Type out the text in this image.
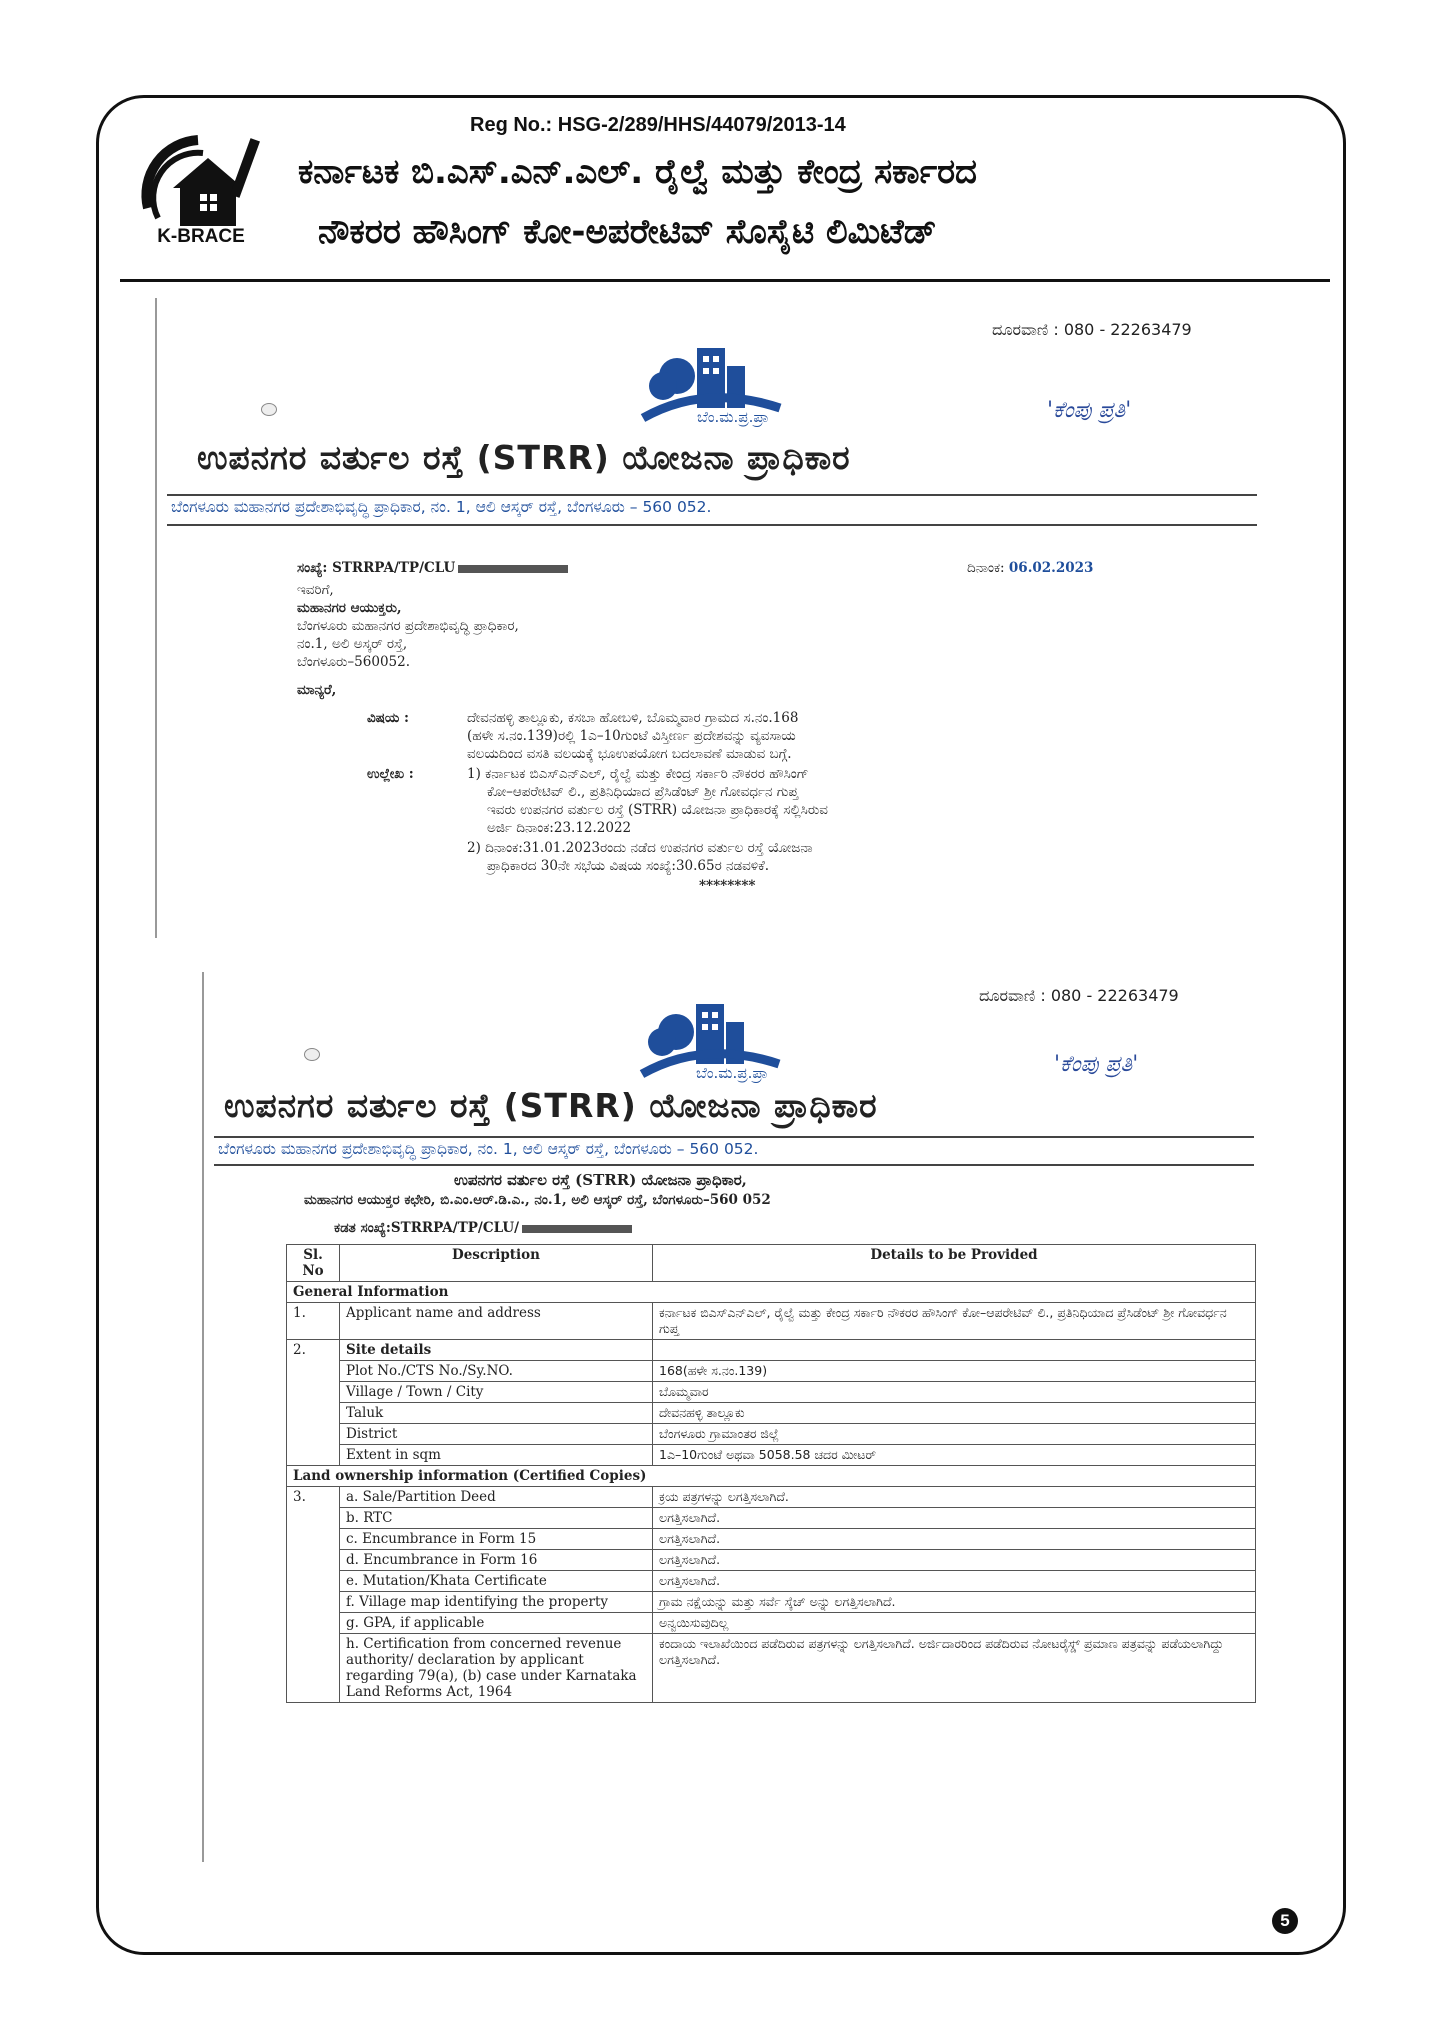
K-BRACE
Reg No.: HSG-2/289/HHS/44079/2013-14
ಕರ್ನಾಟಕ ಬಿ.ಎಸ್.ಎನ್.ಎಲ್. ರೈಲ್ವೆ ಮತ್ತು ಕೇಂದ್ರ ಸರ್ಕಾರದ
ನೌಕರರ ಹೌಸಿಂಗ್ ಕೋ-ಅಪರೇಟಿವ್ ಸೊಸೈಟಿ ಲಿಮಿಟೆಡ್
ದೂರವಾಣಿ : 080 - 22263479
ಬೆಂ.ಮ.ಪ್ರ.ಪ್ರಾ	'ಕೆಂಪು ಪ್ರತಿ'
ಉಪನಗರ ವರ್ತುಲ ರಸ್ತೆ (STRR) ಯೋಜನಾ ಪ್ರಾಧಿಕಾರ
ಬೆಂಗಳೂರು ಮಹಾನಗರ ಪ್ರದೇಶಾಭಿವೃದ್ಧಿ ಪ್ರಾಧಿಕಾರ, ನಂ. 1, ಆಲಿ ಆಸ್ಕರ್ ರಸ್ತೆ, ಬೆಂಗಳೂರು – 560 052.
ಸಂಖ್ಯೆ: STRRPA/TP/CLU	ದಿನಾಂಕ: 06.02.2023
ಇವರಿಗೆ,
ಮಹಾನಗರ ಆಯುಕ್ತರು,
ಬೆಂಗಳೂರು ಮಹಾನಗರ ಪ್ರದೇಶಾಭಿವೃದ್ಧಿ ಪ್ರಾಧಿಕಾರ,
ನಂ.1, ಅಲಿ ಅಸ್ಕರ್ ರಸ್ತೆ,
ಬೆಂಗಳೂರು–560052.
ಮಾನ್ಯರೆ,
ವಿಷಯ :	ದೇವನಹಳ್ಳಿ ತಾಲ್ಲೂಕು, ಕಸಬಾ ಹೋಬಳಿ, ಬೊಮ್ಮವಾರ ಗ್ರಾಮದ ಸ.ನಂ.168
(ಹಳೇ ಸ.ನಂ.139)ರಲ್ಲಿ 1ಎ–10ಗುಂಟೆ ವಿಸ್ತೀರ್ಣ ಪ್ರದೇಶವನ್ನು ವ್ಯವಸಾಯ
ವಲಯದಿಂದ ವಸತಿ ವಲಯಕ್ಕೆ ಭೂಉಪಯೋಗ ಬದಲಾವಣೆ ಮಾಡುವ ಬಗ್ಗೆ.
ಉಲ್ಲೇಖ :	1) ಕರ್ನಾಟಕ ಬಿಎಸ್‌ಎನ್‌ಎಲ್, ರೈಲ್ವೆ ಮತ್ತು ಕೇಂದ್ರ ಸರ್ಕಾರಿ ನೌಕರರ ಹೌಸಿಂಗ್
ಕೋ–ಆಪರೇಟಿವ್ ಲಿ., ಪ್ರತಿನಿಧಿಯಾದ ಪ್ರೆಸಿಡೆಂಟ್ ಶ್ರೀ ಗೋವರ್ಧನ ಗುಪ್ತ
ಇವರು ಉಪನಗರ ವರ್ತುಲ ರಸ್ತೆ (STRR) ಯೋಜನಾ ಪ್ರಾಧಿಕಾರಕ್ಕೆ ಸಲ್ಲಿಸಿರುವ
ಅರ್ಜಿ ದಿನಾಂಕ:23.12.2022
2) ದಿನಾಂಕ:31.01.2023ರಂದು ನಡೆದ ಉಪನಗರ ವರ್ತುಲ ರಸ್ತೆ ಯೋಜನಾ
ಪ್ರಾಧಿಕಾರದ 30ನೇ ಸಭೆಯ ವಿಷಯ ಸಂಖ್ಯೆ:30.65ರ ನಡವಳಿಕೆ.
********
ದೂರವಾಣಿ : 080 - 22263479
ಬೆಂ.ಮ.ಪ್ರ.ಪ್ರಾ	'ಕೆಂಪು ಪ್ರತಿ'
ಉಪನಗರ ವರ್ತುಲ ರಸ್ತೆ (STRR) ಯೋಜನಾ ಪ್ರಾಧಿಕಾರ
ಬೆಂಗಳೂರು ಮಹಾನಗರ ಪ್ರದೇಶಾಭಿವೃದ್ಧಿ ಪ್ರಾಧಿಕಾರ, ನಂ. 1, ಆಲಿ ಆಸ್ಕರ್ ರಸ್ತೆ, ಬೆಂಗಳೂರು – 560 052.
ಉಪನಗರ ವರ್ತುಲ ರಸ್ತೆ (STRR) ಯೋಜನಾ ಪ್ರಾಧಿಕಾರ,
ಮಹಾನಗರ ಆಯುಕ್ತರ ಕಛೇರಿ, ಬಿ.ಎಂ.ಆರ್.ಡಿ.ಎ., ನಂ.1, ಅಲಿ ಆಸ್ಕರ್ ರಸ್ತೆ, ಬೆಂಗಳೂರು–560 052
ಕಡತ ಸಂಖ್ಯೆ:STRRPA/TP/CLU/
Sl. No	Description	Details to be Provided
General Information		
1.	Applicant name and address	ಕರ್ನಾಟಕ ಬಿಎಸ್‌ಎನ್‌ಎಲ್, ರೈಲ್ವೆ ಮತ್ತು ಕೇಂದ್ರ ಸರ್ಕಾರಿ ನೌಕರರ ಹೌಸಿಂಗ್ ಕೋ–ಆಪರೇಟಿವ್ ಲಿ., ಪ್ರತಿನಿಧಿಯಾದ ಪ್ರೆಸಿಡೆಂಟ್ ಶ್ರೀ ಗೋವರ್ಧನ ಗುಪ್ತ
2.	Site details	
	Plot No./CTS No./Sy.NO.	168(ಹಳೇ ಸ.ನಂ.139)
	Village / Town / City	ಬೊಮ್ಮವಾರ
	Taluk	ದೇವನಹಳ್ಳಿ ತಾಲ್ಲೂಕು
	District	ಬೆಂಗಳೂರು ಗ್ರಾಮಾಂತರ ಜಿಲ್ಲೆ
	Extent in sqm	1ಎ–10ಗುಂಟೆ ಅಥವಾ 5058.58 ಚದರ ಮೀಟರ್
Land ownership information (Certified Copies)		
3.	a. Sale/Partition Deed	ಕ್ರಯ ಪತ್ರಗಳನ್ನು ಲಗತ್ತಿಸಲಾಗಿದೆ.
	b. RTC	ಲಗತ್ತಿಸಲಾಗಿದೆ.
	c. Encumbrance in Form 15	ಲಗತ್ತಿಸಲಾಗಿದೆ.
	d. Encumbrance in Form 16	ಲಗತ್ತಿಸಲಾಗಿದೆ.
	e. Mutation/Khata Certificate	ಲಗತ್ತಿಸಲಾಗಿದೆ.
	f. Village map identifying the property	ಗ್ರಾಮ ನಕ್ಷೆಯನ್ನು ಮತ್ತು ಸರ್ವೆ ಸ್ಕೆಚ್ ಅನ್ನು ಲಗತ್ತಿಸಲಾಗಿದೆ.
	g. GPA, if applicable	ಅನ್ವಯಿಸುವುದಿಲ್ಲ
	h. Certification from concerned revenue authority/ declaration by applicant regarding 79(a), (b) case under Karnataka Land Reforms Act, 1964	ಕಂದಾಯ ಇಲಾಖೆಯಿಂದ ಪಡೆದಿರುವ ಪತ್ರಗಳನ್ನು ಲಗತ್ತಿಸಲಾಗಿದೆ. ಅರ್ಜಿದಾರರಿಂದ ಪಡೆದಿರುವ ನೋಟರೈಸ್ಡ್ ಪ್ರಮಾಣ ಪತ್ರವನ್ನು ಪಡೆಯಲಾಗಿದ್ದು ಲಗತ್ತಿಸಲಾಗಿದೆ.
5
